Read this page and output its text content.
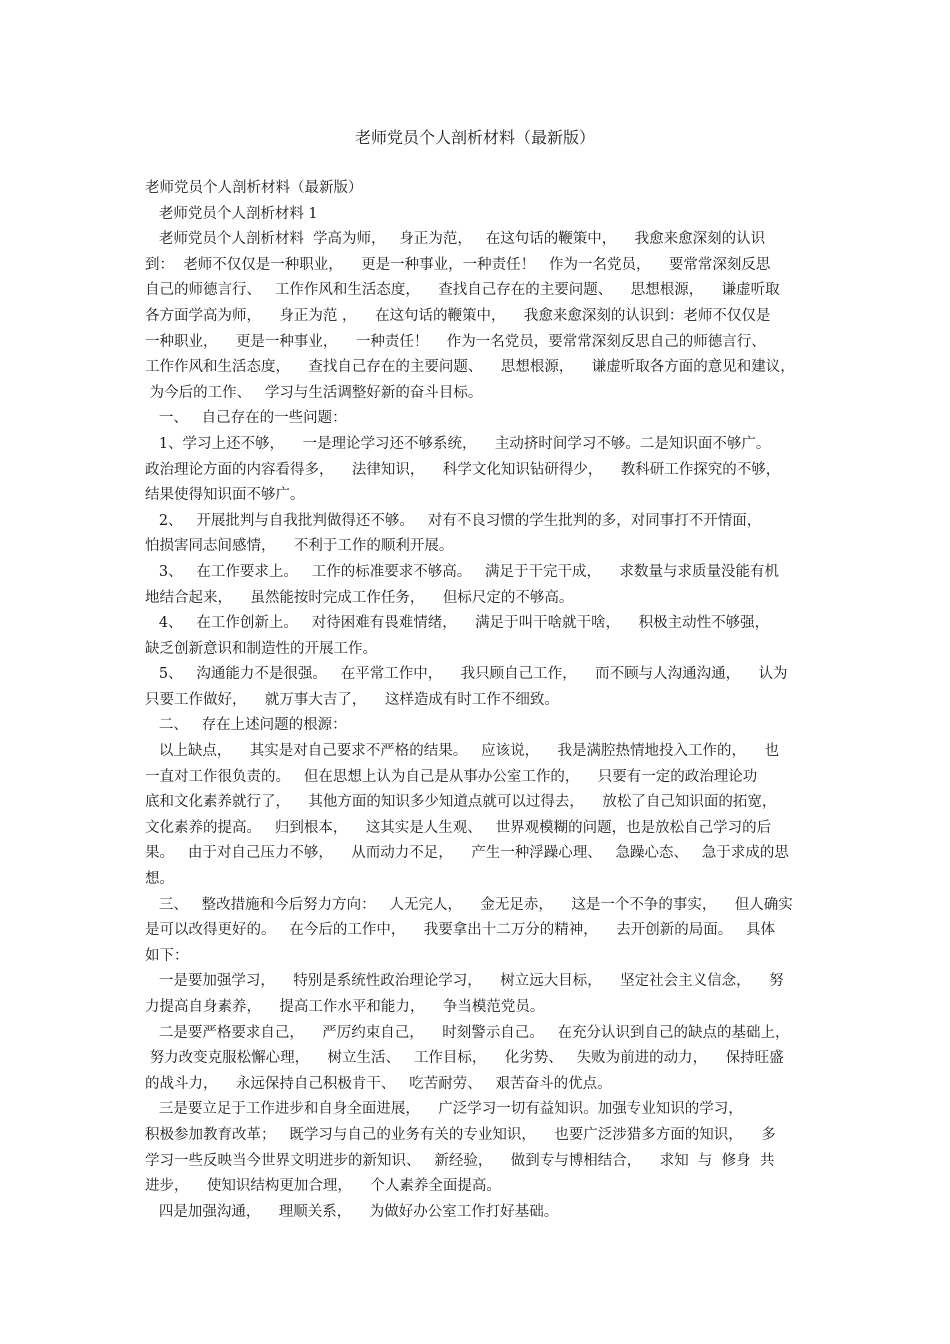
老师党员个人剖析材料（最新版）
老师党员个人剖析材料（最新版）
老师党员个人剖析材料 1
老师党员个人剖析材料  学高为师，   身正为范，   在这句话的鞭策中，    我愈来愈深刻的认识
到：  老师不仅仅是一种职业，    更是一种事业，一种责任！   作为一名党员，    要常常深刻反思
自己的师德言行、   工作作风和生活态度，    查找自己存在的主要问题、    思想根源，    谦虚听取
各方面学高为师，    身正为范 ，    在这句话的鞭策中，    我愈来愈深刻的认识到：老师不仅仅是
一种职业，    更是一种事业，    一种责任！    作为一名党员，要常常深刻反思自己的师德言行、
工作作风和生活态度，    查找自己存在的主要问题、    思想根源，    谦虚听取各方面的意见和建议，
为今后的工作、   学习与生活调整好新的奋斗目标。
一、   自己存在的一些问题：
1、学习上还不够，    一是理论学习还不够系统，    主动挤时间学习不够。二是知识面不够广。
政治理论方面的内容看得多，    法律知识，    科学文化知识钻研得少，    教科研工作探究的不够，
结果使得知识面不够广。
2、   开展批判与自我批判做得还不够。   对有不良习惯的学生批判的多，对同事打不开情面，
怕损害同志间感情，    不利于工作的顺利开展。
3、   在工作要求上。   工作的标准要求不够高。   满足于干完干成，    求数量与求质量没能有机
地结合起来，    虽然能按时完成工作任务，    但标尺定的不够高。
4、   在工作创新上。   对待困难有畏难情绪，    满足于叫干啥就干啥，    积极主动性不够强，
缺乏创新意识和制造性的开展工作。
5、   沟通能力不是很强。   在平常工作中，    我只顾自己工作，    而不顾与人沟通沟通，    认为
只要工作做好，    就万事大吉了，    这样造成有时工作不细致。
二、   存在上述问题的根源：
以上缺点，    其实是对自己要求不严格的结果。   应该说，    我是满腔热情地投入工作的，    也
一直对工作很负责的。   但在思想上认为自己是从事办公室工作的，    只要有一定的政治理论功
底和文化素养就行了，    其他方面的知识多少知道点就可以过得去，    放松了自己知识面的拓宽，
文化素养的提高。   归到根本，    这其实是人生观、   世界观模糊的问题，也是放松自己学习的后
果。   由于对自己压力不够，    从而动力不足，    产生一种浮躁心理、   急躁心态、   急于求成的思
想。
三、   整改措施和今后努力方向：   人无完人，    金无足赤，    这是一个不争的事实，    但人确实
是可以改得更好的。   在今后的工作中，    我要拿出十二万分的精神，    去开创新的局面。   具体
如下：
一是要加强学习，    特别是系统性政治理论学习，    树立远大目标，    坚定社会主义信念，    努
力提高自身素养，    提高工作水平和能力，    争当模范党员。
二是要严格要求自己，    严厉约束自己，    时刻警示自己。   在充分认识到自己的缺点的基础上，
努力改变克服松懈心理，    树立生活、   工作目标，    化劣势、   失败为前进的动力，    保持旺盛
的战斗力，    永远保持自己积极肯干、   吃苦耐劳、   艰苦奋斗的优点。
三是要立足于工作进步和自身全面进展，    广泛学习一切有益知识。加强专业知识的学习，
积极参加教育改革；   既学习与自己的业务有关的专业知识，    也要广泛涉猎多方面的知识，    多
学习一些反映当今世界文明进步的新知识、   新经验，    做到专与博相结合，    求知  与  修身  共
进步，    使知识结构更加合理，    个人素养全面提高。
四是加强沟通，    理顺关系，    为做好办公室工作打好基础。
